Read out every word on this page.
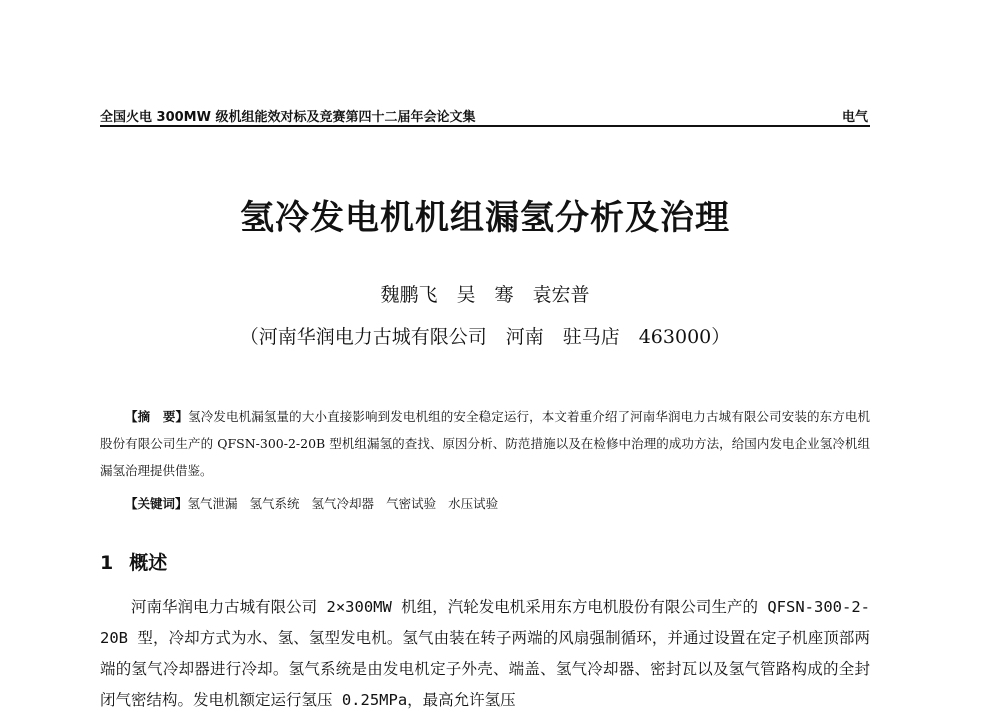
全国火电 300MW 级机组能效对标及竞赛第四十二届年会论文集	电气
氢冷发电机机组漏氢分析及治理
魏鹏飞　吴　骞　袁宏普
（河南华润电力古城有限公司　河南　驻马店　463000）
【摘　要】氢冷发电机漏氢量的大小直接影响到发电机组的安全稳定运行，本文着重介绍了河南华润电力古城有限公司安装的东方电机股份有限公司生产的 QFSN-300-2-20B 型机组漏氢的查找、原因分析、防范措施以及在检修中治理的成功方法，给国内发电企业氢冷机组漏氢治理提供借鉴。
【关键词】氢气泄漏 氢气系统 氢气冷却器 气密试验 水压试验
1 概述
河南华润电力古城有限公司 2×300MW 机组，汽轮发电机采用东方电机股份有限公司生产的 QFSN-300-2-20B 型，冷却方式为水、氢、氢型发电机。氢气由装在转子两端的风扇强制循环，并通过设置在定子机座顶部两端的氢气冷却器进行冷却。氢气系统是由发电机定子外壳、端盖、氢气冷却器、密封瓦以及氢气管路构成的全封闭气密结构。发电机额定运行氢压 0.25MPa，最高允许氢压
